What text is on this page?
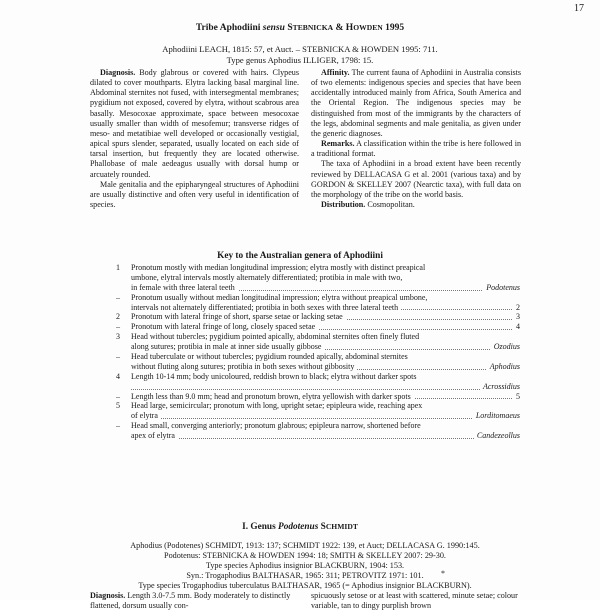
17
Tribe Aphodiini sensu STEBNICKA & HOWDEN 1995
Aphodiini LEACH, 1815: 57, et Auct. – STEBNICKA & HOWDEN 1995: 711.
Type genus Aphodius ILLIGER, 1798: 15.

Diagnosis. Body glabrous or covered with hairs. Clypeus dilated to cover mouthparts. Elytra lacking basal marginal line. Abdominal sternites not fused, with intersegmental membranes; pygidium not exposed, covered by elytra, without scabrous area basally. Mesocoxae approximate, space between mesocoxae usually smaller than width of mesofemur; transverse ridges of meso- and metatibiae well developed or occasionally vestigial, apical spurs slender, separated, usually located on each side of tarsal insertion, but frequently they are located otherwise. Phallobase of male aedeagus usually with dorsal hump or arcuately rounded.

Male genitalia and the epipharyngeal structures of Aphodiini are usually distinctive and often very useful in identification of species.

Affinity. The current fauna of Aphodiini in Australia consists of two elements: indigenous species and species that have been accidentally introduced mainly from Africa, South America and the Oriental Region. The indigenous species may be distinguished from most of the immigrants by the characters of the legs, abdominal segments and male genitalia, as given under the generic diagnoses.

Remarks. A classification within the tribe is here followed in a traditional format.

The taxa of Aphodiini in a broad extent have been recently reviewed by DELLACASA G et al. 2001 (various taxa) and by GORDON & SKELLEY 2007 (Nearctic taxa), with full data on the morphology of the tribe on the world basis.

Distribution. Cosmopolitan.

Key to the Australian genera of Aphodiini
1 Pronotum mostly with median longitudinal impression; elytra mostly with distinct preapical
umbone, elytral intervals mostly alternately differentiated; protibia in male with two,
in female with three lateral teeth	Podotenus
– Pronotum usually without median longitudinal impression; elytra without preapical umbone,
intervals not alternately differentiated; protibia in both sexes with three lateral teeth	2
2 Pronotum with lateral fringe of short, sparse setae or lacking setae	3
– Pronotum with lateral fringe of long, closely spaced setae	4
3 Head without tubercles; pygidium pointed apically, abdominal sternites often finely fluted
along sutures; protibia in male at inner side usually gibbose	Ozodius
– Head tuberculate or without tubercles; pygidium rounded apically, abdominal sternites
without fluting along sutures; protibia in both sexes without gibbosity	Aphodius
4 Length 10-14 mm; body unicoloured, reddish brown to black; elytra without darker spots
Acrossidius
– Length less than 9.0 mm; head and pronotum brown, elytra yellowish with darker spots	5
5 Head large, semicircular; pronotum with long, upright setae; epipleura wide, reaching apex
of elytra	Lorditomaeus
– Head small, converging anteriorly; pronotum glabrous; epipleura narrow, shortened before
apex of elytra	Candezeollus
I. Genus Podotenus SCHMIDT
Aphodius (Podotenes) SCHMIDT, 1913: 137; SCHMIDT 1922: 139, et Auct; DELLACASA G. 1990:145.
Podotenus: STEBNICKA & HOWDEN 1994: 18; SMITH & SKELLEY 2007: 29-30.
Type species Aphodius insignior BLACKBURN, 1904: 153.
Syn.: Trogaphodius BALTHASAR, 1965: 311; PETROVITZ 1971: 101.
Type species Trogaphodius tuberculatus BALTHASAR, 1965 (= Aphodius insignior BLACKBURN).
*

Diagnosis. Length 3.0-7.5 mm. Body moderately to distinctly flattened, dorsum usually con-

spicuously setose or at least with scattered, minute setae; colour variable, tan to dingy purplish brown
